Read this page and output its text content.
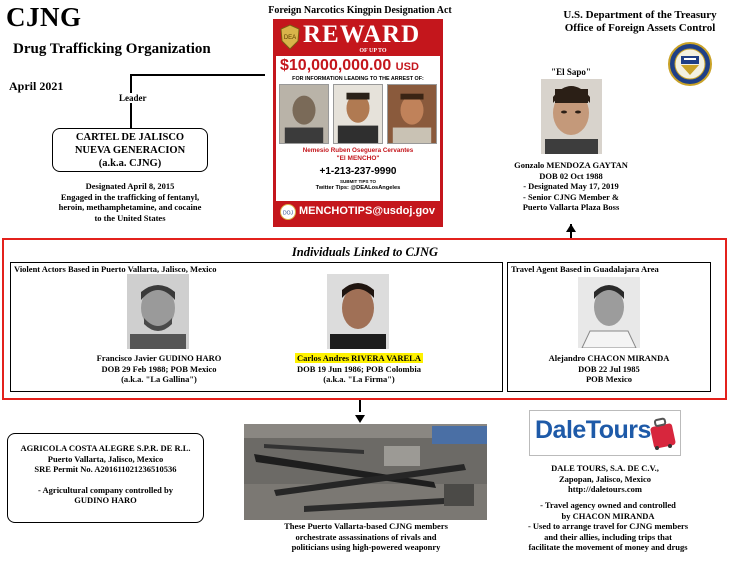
CJNG
Drug Trafficking Organization
April 2021
Foreign Narcotics Kingpin Designation Act	U.S. Department of the Treasury
Office of Foreign Assets Control
Leader
CARTEL DE JALISCO
NUEVA GENERACION
(a.k.a. CJNG)
Designated April 8, 2015
Engaged in the trafficking of fentanyl,
heroin, methamphetamine, and cocaine
to the United States
DEA REWARD
OF UP TO
$10,000,000.00 USD
FOR INFORMATION LEADING TO THE ARREST OF:
Nemesio Ruben Oseguera Cervantes
"El MENCHO"
+1-213-237-9990
SUBMIT TIPS TO
Twitter Tips: @DEALosAngeles
DOJ MENCHOTIPS@usdoj.gov
"El Sapo"
Gonzalo MENDOZA GAYTAN
DOB 02 Oct 1988
- Designated May 17, 2019
- Senior CJNG Member &
Puerto Vallarta Plaza Boss
Individuals Linked to CJNG
Violent Actors Based in Puerto Vallarta, Jalisco, Mexico
Francisco Javier GUDINO HARO
DOB 29 Feb 1988; POB Mexico
(a.k.a. "La Gallina")
Carlos Andres RIVERA VARELA
DOB 19 Jun 1986; POB Colombia
(a.k.a. "La Firma")
Travel Agent Based in Guadalajara Area
Alejandro CHACON MIRANDA
DOB 22 Jul 1985
POB Mexico
AGRICOLA COSTA ALEGRE S.P.R. DE R.L.
Puerto Vallarta, Jalisco, Mexico
SRE Permit No. A201611021236510536
- Agricultural company controlled by
GUDINO HARO
These Puerto Vallarta-based CJNG members
orchestrate assassinations of rivals and
politicians using high-powered weaponry
DaleTours
DALE TOURS, S.A. DE C.V.,
Zapopan, Jalisco, Mexico
http://daletours.com
- Travel agency owned and controlled
by CHACON MIRANDA
- Used to arrange travel for CJNG members
and their allies, including trips that
facilitate the movement of money and drugs
